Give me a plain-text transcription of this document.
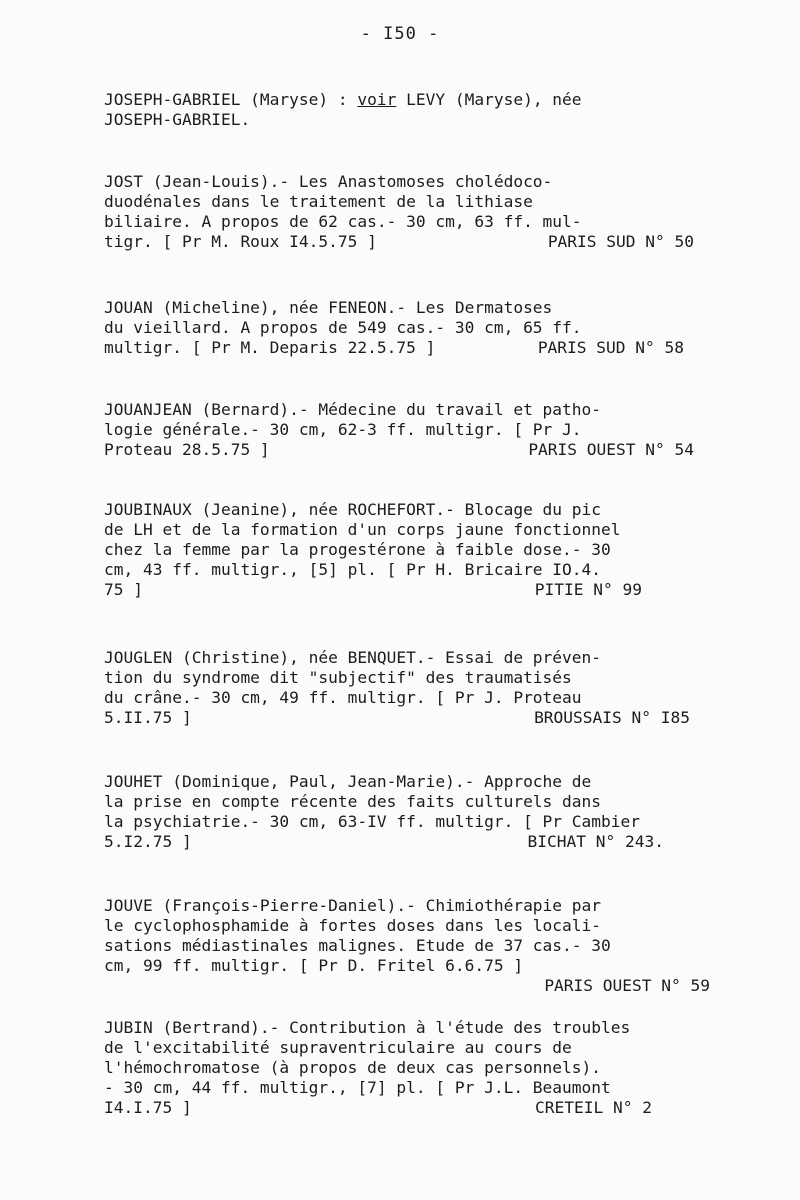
- I50 -
JOSEPH-GABRIEL (Maryse) : voir LEVY (Maryse), née
JOSEPH-GABRIEL.
JOST (Jean-Louis).- Les Anastomoses cholédoco-
duodénales dans le traitement de la lithiase
biliaire. A propos de 62 cas.- 30 cm, 63 ff. mul-
tigr. [ Pr M. Roux I4.5.75 ]	PARIS SUD N° 50
JOUAN (Micheline), née FENEON.- Les Dermatoses
du vieillard. A propos de 549 cas.- 30 cm, 65 ff.
multigr. [ Pr M. Deparis 22.5.75 ]	PARIS SUD N° 58
JOUANJEAN (Bernard).- Médecine du travail et patho-
logie générale.- 30 cm, 62-3 ff. multigr. [ Pr J.
Proteau 28.5.75 ]	PARIS OUEST N° 54
JOUBINAUX (Jeanine), née ROCHEFORT.- Blocage du pic
de LH et de la formation d'un corps jaune fonctionnel
chez la femme par la progestérone à faible dose.- 30
cm, 43 ff. multigr., [5] pl. [ Pr H. Bricaire IO.4.
75 ]	PITIE N° 99
JOUGLEN (Christine), née BENQUET.- Essai de préven-
tion du syndrome dit "subjectif" des traumatisés
du crâne.- 30 cm, 49 ff. multigr. [ Pr J. Proteau
5.II.75 ]	BROUSSAIS N° I85
JOUHET (Dominique, Paul, Jean-Marie).- Approche de
la prise en compte récente des faits culturels dans
la psychiatrie.- 30 cm, 63-IV ff. multigr. [ Pr Cambier
5.I2.75 ]	BICHAT N° 243.
JOUVE (François-Pierre-Daniel).- Chimiothérapie par
le cyclophosphamide à fortes doses dans les locali-
sations médiastinales malignes. Etude de 37 cas.- 30
cm, 99 ff. multigr. [ Pr D. Fritel 6.6.75 ]
PARIS OUEST N° 59
JUBIN (Bertrand).- Contribution à l'étude des troubles
de l'excitabilité supraventriculaire au cours de
l'hémochromatose (à propos de deux cas personnels).
- 30 cm, 44 ff. multigr., [7] pl. [ Pr J.L. Beaumont
I4.I.75 ]	CRETEIL N° 2
